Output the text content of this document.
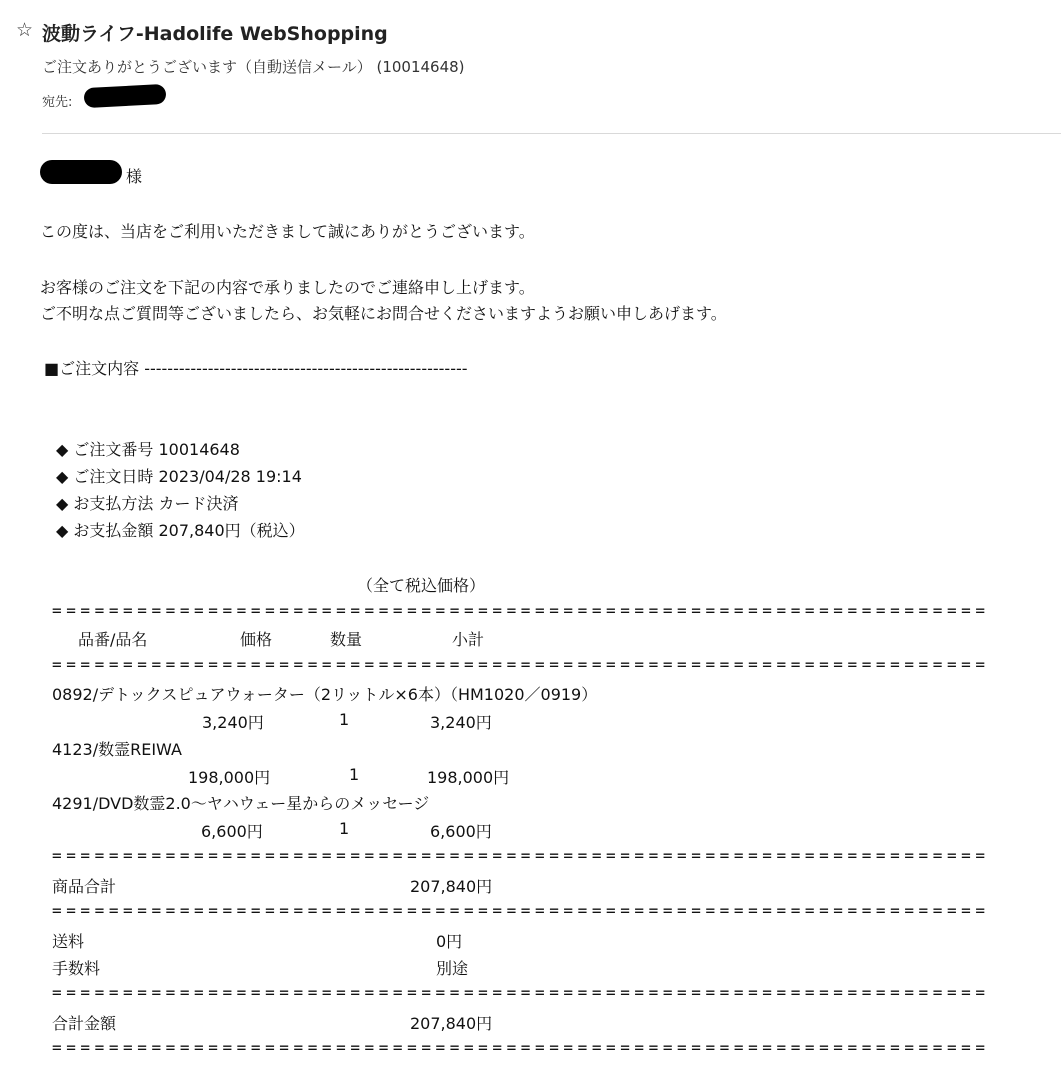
☆ 波動ライフ-Hadolife WebShopping
ご注文ありがとうございます（自動送信メール） (10014648)
宛先:
様
この度は、当店をご利用いただきまして誠にありがとうございます。
お客様のご注文を下記の内容で承りましたのでご連絡申し上げます。
ご不明な点ご質問等ございましたら、お気軽にお問合せくださいますようお願い申しあげます。
■ご注文内容 --------------------------------------------------------
◆ ご注文番号 10014648
◆ ご注文日時 2023/04/28 19:14
◆ お支払方法 カード決済
◆ お支払金額 207,840円（税込）
（全て税込価格）
==================================================================
品番/品名	価格	数量	小計
==================================================================
0892/デトックスピュアウォーター（2リットル×6本）（HM1020／0919）
3,240円	1	3,240円
4123/数霊REIWA
198,000円	1	198,000円
4291/DVD数霊2.0～ヤハウェー星からのメッセージ
6,600円	1	6,600円
==================================================================
商品合計	207,840円
==================================================================
送料	0円
手数料	別途
==================================================================
合計金額	207,840円
==================================================================
